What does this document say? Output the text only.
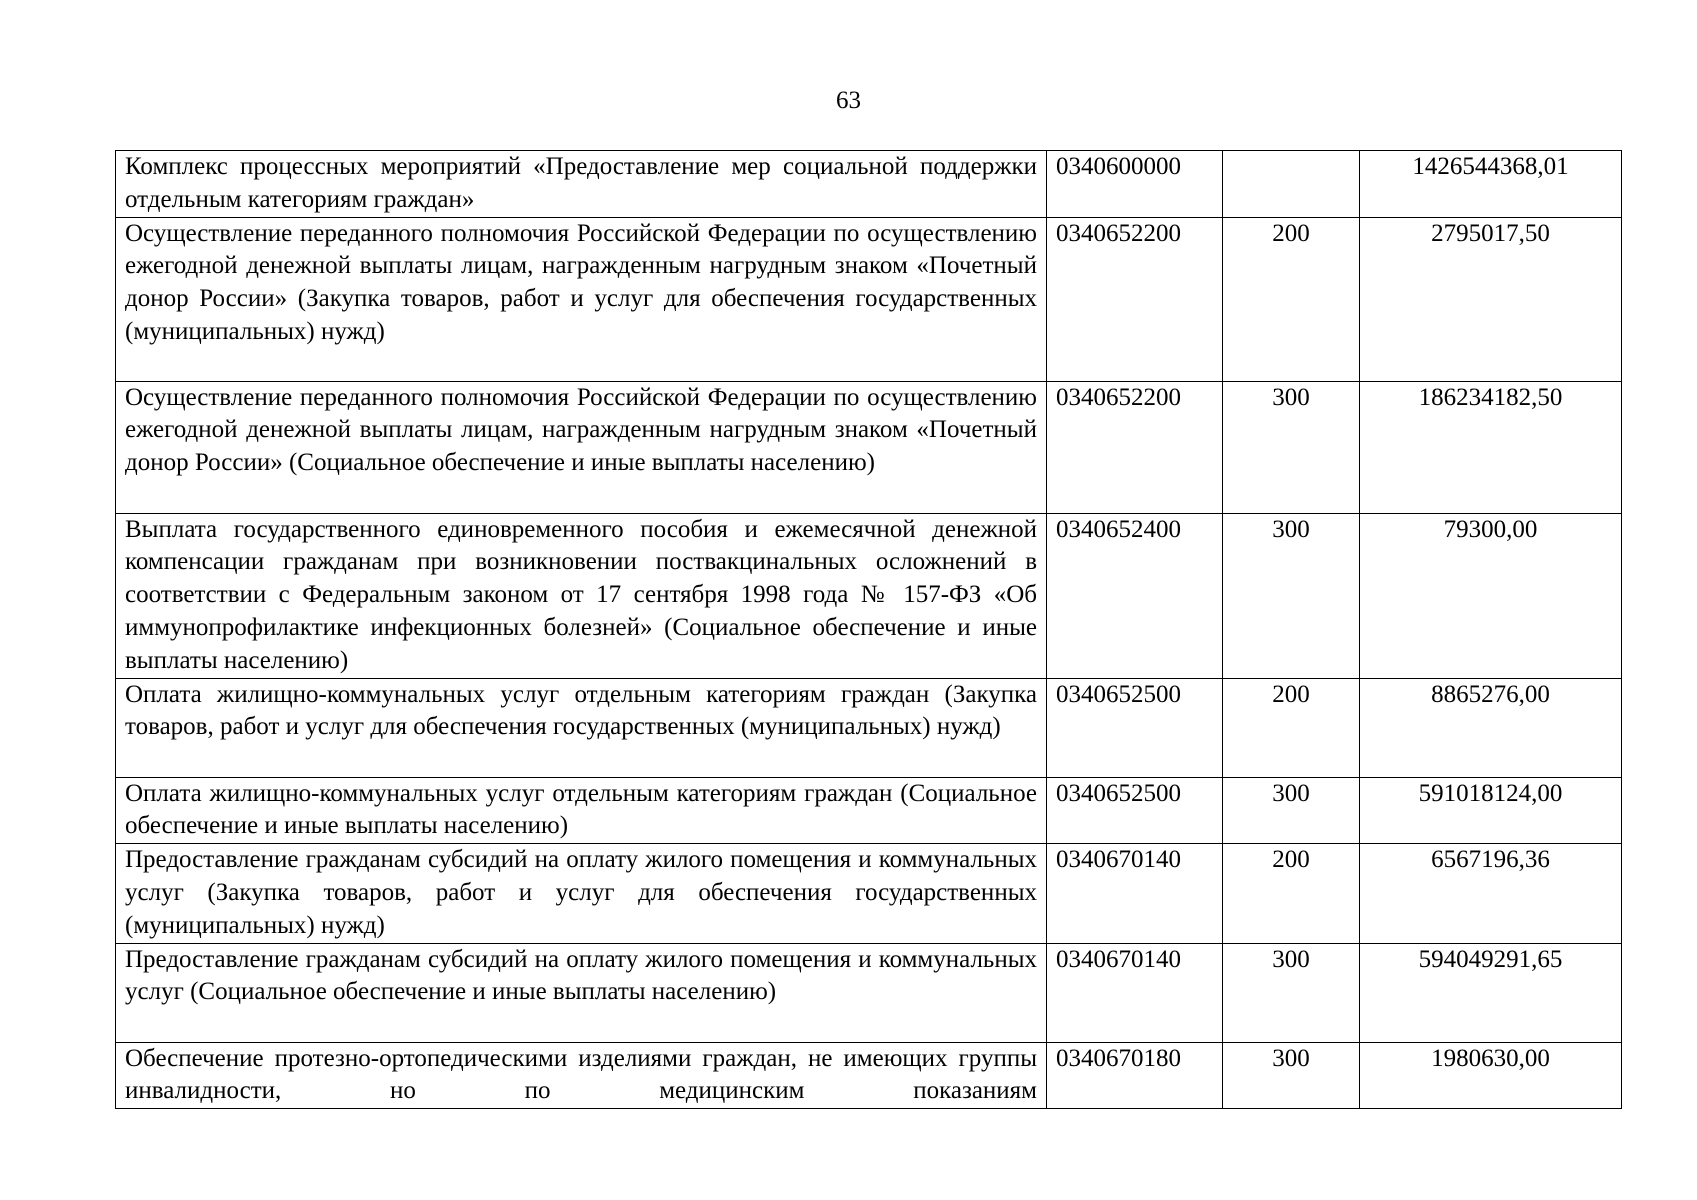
63
Комплекс процессных мероприятий «Предоставление мер социальной поддержки отдельным категориям граждан»	0340600000		1426544368,01
Осуществление переданного полномочия Российской Федерации по осуществлению ежегодной денежной выплаты лицам, награжденным нагрудным знаком «Почетный донор России» (Закупка товаров, работ и услуг для обеспечения государственных (муниципальных) нужд)	0340652200	200	2795017,50
Осуществление переданного полномочия Российской Федерации по осуществлению ежегодной денежной выплаты лицам, награжденным нагрудным знаком «Почетный донор России» (Социальное обеспечение и иные выплаты населению)	0340652200	300	186234182,50
Выплата государственного единовременного пособия и ежемесячной денежной компенсации гражданам при возникновении поствакцинальных осложнений в соответствии с Федеральным законом от 17 сентября 1998 года № 157-ФЗ «Об иммунопрофилактике инфекционных болезней» (Социальное обеспечение и иные выплаты населению)	0340652400	300	79300,00
Оплата жилищно-коммунальных услуг отдельным категориям граждан (Закупка товаров, работ и услуг для обеспечения государственных (муниципальных) нужд)	0340652500	200	8865276,00
Оплата жилищно-коммунальных услуг отдельным категориям граждан (Социальное обеспечение и иные выплаты населению)	0340652500	300	591018124,00
Предоставление гражданам субсидий на оплату жилого помещения и коммунальных услуг (Закупка товаров, работ и услуг для обеспечения государственных (муниципальных) нужд)	0340670140	200	6567196,36
Предоставление гражданам субсидий на оплату жилого помещения и коммунальных услуг (Социальное обеспечение и иные выплаты населению)	0340670140	300	594049291,65
Обеспечение протезно-ортопедическими изделиями граждан, не имеющих группы инвалидности, но по медицинским показаниям	0340670180	300	1980630,00
